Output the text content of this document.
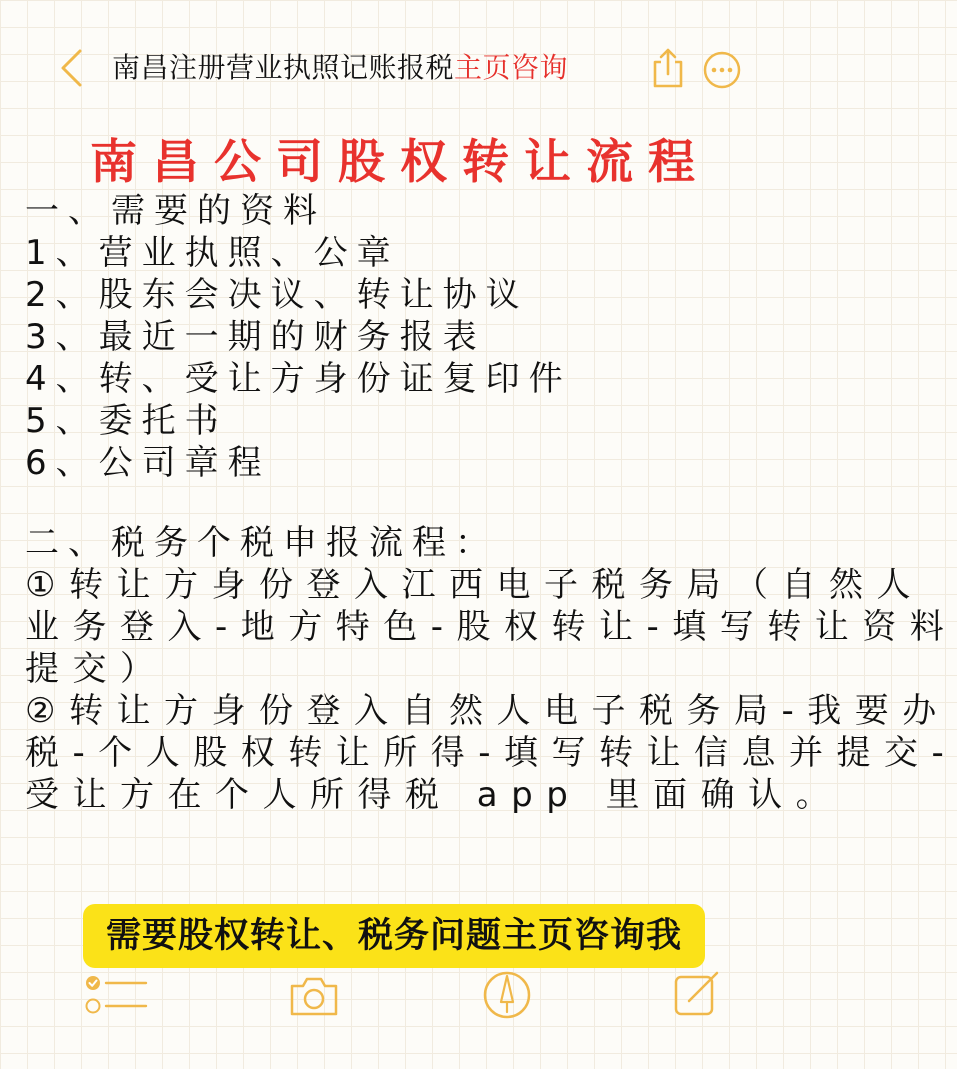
南昌注册营业执照记账报税主页咨询
南昌公司股权转让流程
一、需要的资料
1、营业执照、公章
2、股东会决议、转让协议
3、最近一期的财务报表
4、转、受让方身份证复印件
5、委托书
6、公司章程
二、税务个税申报流程：
①转让方身份登入江西电子税务局（自然人
业务登入-地方特色-股权转让-填写转让资料
提交）
②转让方身份登入自然人电子税务局-我要办
税-个人股权转让所得-填写转让信息并提交-
受让方在个人所得税 app 里面确认。
需要股权转让、税务问题主页咨询我
